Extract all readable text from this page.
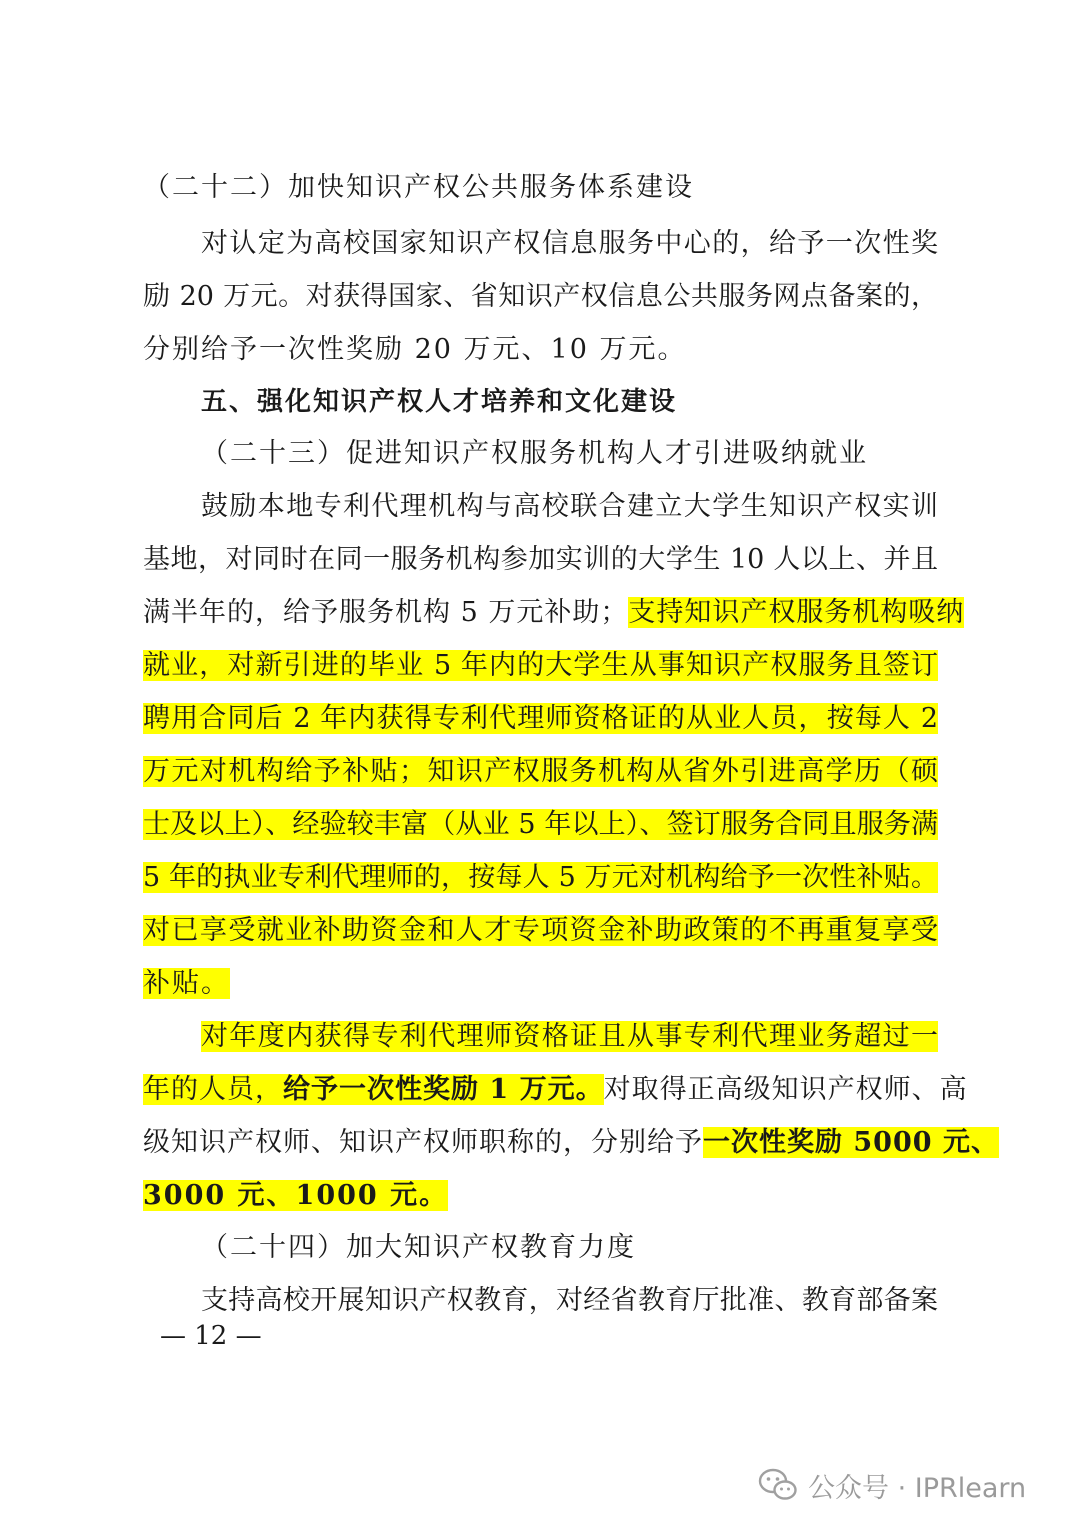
（二十二）加快知识产权公共服务体系建设
对认定为高校国家知识产权信息服务中心的，给予一次性奖
励 20 万元。对获得国家、省知识产权信息公共服务网点备案的，
分别给予一次性奖励 20 万元、10 万元。
五、强化知识产权人才培养和文化建设
（二十三）促进知识产权服务机构人才引进吸纳就业
鼓励本地专利代理机构与高校联合建立大学生知识产权实训
基地，对同时在同一服务机构参加实训的大学生 10 人以上、并且
满半年的，给予服务机构 5 万元补助；支持知识产权服务机构吸纳
就业，对新引进的毕业 5 年内的大学生从事知识产权服务且签订
聘用合同后 2 年内获得专利代理师资格证的从业人员，按每人 2
万元对机构给予补贴；知识产权服务机构从省外引进高学历（硕
士及以上）、经验较丰富（从业 5 年以上）、签订服务合同且服务满
5 年的执业专利代理师的，按每人 5 万元对机构给予一次性补贴。
对已享受就业补助资金和人才专项资金补助政策的不再重复享受
补贴。
对年度内获得专利代理师资格证且从事专利代理业务超过一
年的人员，给予一次性奖励 1 万元。对取得正高级知识产权师、高
级知识产权师、知识产权师职称的，分别给予一次性奖励 5000 元、
3000 元、1000 元。
（二十四）加大知识产权教育力度
支持高校开展知识产权教育，对经省教育厅批准、教育部备案
— 12 —
公众号 · IPRlearn
